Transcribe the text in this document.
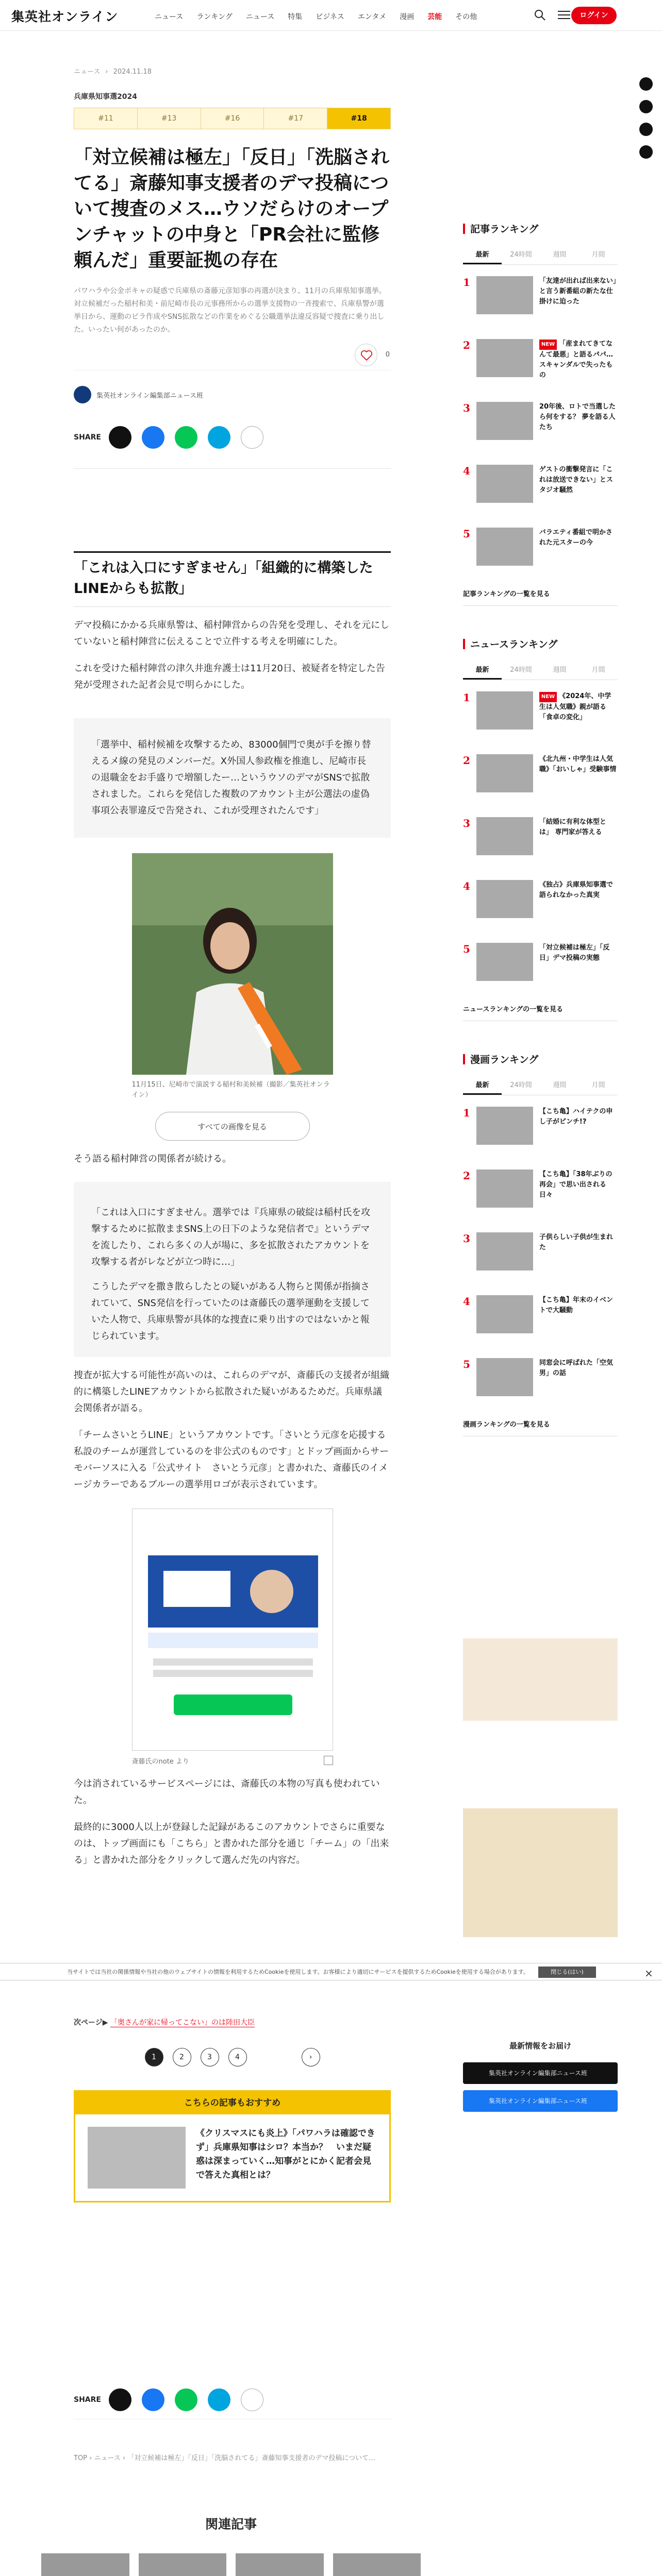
集英社オンライン	ニュース ランキング ニュース 特集 ビジネス エンタメ 漫画 芸能 その他	ログイン
ニュース › 2024.11.18
兵庫県知事選2024
#11	#13	#16	#17	#18
「対立候補は極左」「反日」「洗脳されてる」斎藤知事支援者のデマ投稿について捜査のメス…ウソだらけのオープンチャットの中身と「PR会社に監修頼んだ」重要証拠の存在

パワハラや公金ボキャの疑惑で兵庫県の斎藤元彦知事の再選が決まり、11月の兵庫県知事選挙。対立候補だった稲村和美・前尼崎市長の元事務所からの選挙支援物の一斉捜索で、兵庫県警が選挙日から、運動のビラ作成やSNS拡散などの作業をめぐる公職選挙法違反容疑で捜査に乗り出した。いったい何があったのか。

0
集英社オンライン編集部ニュース班
SHARE
「これは入口にすぎません」「組織的に構築したLINEからも拡散」

デマ投稿にかかる兵庫県警は、稲村陣営からの告発を受理し、それを元にしていないと稲村陣営に伝えることで立件する考えを明確にした。

これを受けた稲村陣営の津久井進弁護士は11月20日、被疑者を特定した告発が受理された記者会見で明らかにした。

「選挙中、稲村候補を攻撃するため、83000個門で奥が手を擦り替えるメ線の発見のメンバーだ。X外国人参政権を推進し、尼崎市長の退職金をお手盛りで増額したー…というウソのデマがSNSで拡散されました。これらを発信した複数のアカウント主が公選法の虚偽事項公表罪違反で告発され、これが受理されたんです」
11月15日、尼崎市で演説する稲村和美候補（撮影／集英社オンライン）
すべての画像を見る

そう語る稲村陣営の関係者が続ける。

「これは入口にすぎません。選挙では『兵庫県の破綻は稲村氏を攻撃するために拡散ままSNS上の日下のような発信者で』というデマを流したり、これら多くの人が場に、多を拡散されたアカウントを攻撃する者がレなどが立つ時に…」

こうしたデマを撒き散らしたとの疑いがある人物らと関係が指摘されていて、SNS発信を行っていたのは斎藤氏の選挙運動を支援していた人物で、兵庫県警が具体的な捜査に乗り出すのではないかと報じられています。

捜査が拡大する可能性が高いのは、これらのデマが、斎藤氏の支援者が組織的に構築したLINEアカウントから拡散された疑いがあるためだ。兵庫県議会関係者が語る。

「チームさいとうLINE」というアカウントです。「さいとう元彦を応援する私設のチームが運営しているのを非公式のものです」とドップ画面からサーモバーソスに入る「公式サイト　さいとう元彦」と書かれた、斎藤氏のイメージカラーであるブルーの選挙用ロゴが表示されています。

斎藤氏のnote より

今は消されているサービスページには、斎藤氏の本物の写真も使われていた。

最終的に3000人以上が登録した記録があるこのアカウントでさらに重要なのは、トップ画面にも「こちら」と書かれた部分を通じ「チーム」の「出来る」と書かれた部分をクリックして選んだ先の内容だ。

記事ランキング
最新	24時間	週間	月間
1	「友達が出れば出来ない」と言う新番組の新たな仕掛けに迫った
2	NEW 「産まれてきてなんて最悪」と語るパパ…スキャンダルで失ったもの
3	20年後、ロトで当選したら何をする？ 夢を語る人たち
4	ゲストの衝撃発言に「これは放送できない」とスタジオ騒然
5	バラエティ番組で明かされた元スターの今
記事ランキングの一覧を見る
ニュースランキング
最新	24時間	週間	月間
1	NEW 《2024年、中学生は人気職》親が語る「食卓の変化」
2	《北九州・中学生は人気職》「おいしゃ」受験事情
3	「結婚に有利な体型とは」 専門家が答える
4	《独占》兵庫県知事選で語られなかった真実
5	「対立候補は極左」「反日」デマ投稿の実態
ニュースランキングの一覧を見る
漫画ランキング
最新	24時間	週間	月間
1	【こち亀】ハイテクの申し子がピンチ!?
2	【こち亀】「38年ぶりの再会」で思い出される日々
3	子供らしい子供が生まれた
4	【こち亀】年末のイベントで大騒動
5	同窓会に呼ばれた「空気男」の話
漫画ランキングの一覧を見る
当サイトでは当社の関係情報や当社の他のウェブサイトの情報を利用するためCookieを使用します。お客様により適切にサービスを提供するためCookieを使用する場合があります。	閉じる(はい)	×
次ページ▶ 「奥さんが家に帰ってこない」のは陸田大臣
1	2	3	4	›
こちらの記事もおすすめ
《クリスマスにも炎上》「パワハラは確認できず」兵庫県知事はシロ？本当か？　いまだ疑惑は深まっていく…知事がとにかく記者会見で答えた真相とは？
最新情報をお届け
集英社オンライン編集部ニュース班
集英社オンライン編集部ニュース班
SHARE
TOP › ニュース › 「対立候補は極左」「反日」「洗脳されてる」斎藤知事支援者のデマ投稿について…
関連記事
